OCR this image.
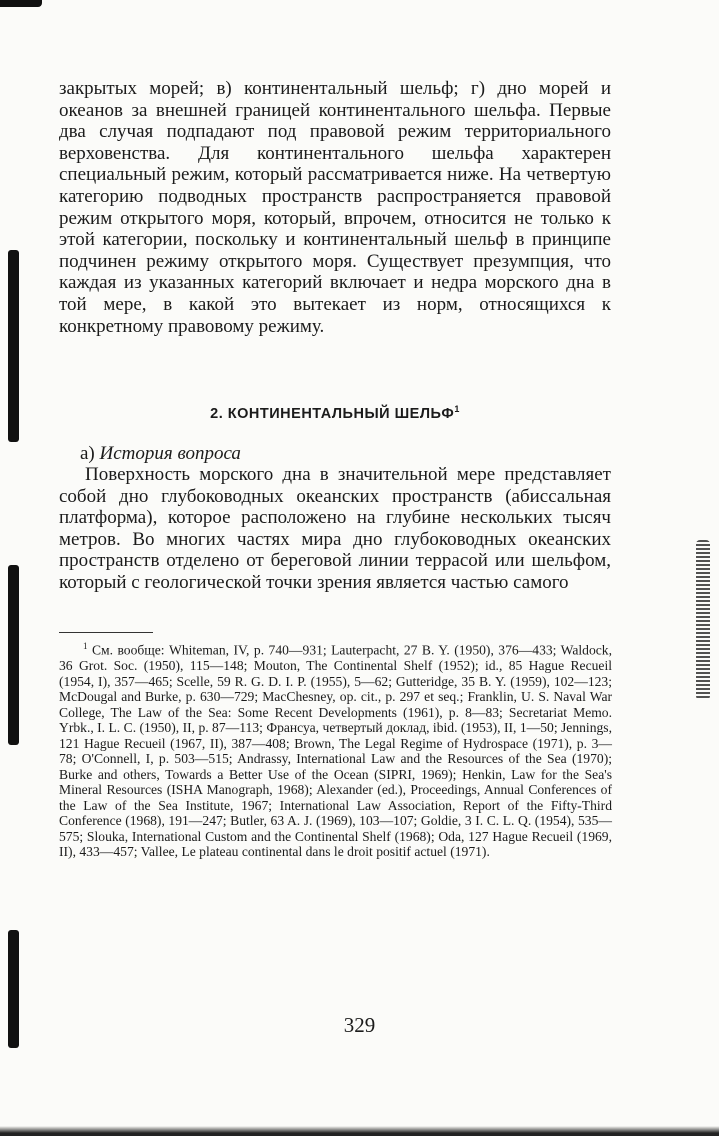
закрытых морей; в) континентальный шельф; г) дно морей и океанов за внешней границей континентального шельфа. Первые два случая подпадают под правовой режим территориального верховенства. Для континентального шельфа характерен специальный режим, который рассматривается ниже. На четвертую категорию подводных пространств распространяется правовой режим открытого моря, который, впрочем, относится не только к этой категории, поскольку и континентальный шельф в принципе подчинен режиму открытого моря. Существует презумпция, что каждая из указанных категорий включает и недра морского дна в той мере, в какой это вытекает из норм, относящихся к конкретному правовому режиму.

2. КОНТИНЕНТАЛЬНЫЙ ШЕЛЬФ$^1$
а) История вопроса

Поверхность морского дна в значительной мере представляет собой дно глубоководных океанских пространств (абиссальная платформа), которое расположено на глубине нескольких тысяч метров. Во многих частях мира дно глубоководных океанских пространств отделено от береговой линии террасой или шельфом, который с геологической точки зрения является частью самого

$^1$ См. вообще: Whiteman, IV, p. 740—931; Lauterpacht, 27 B. Y. (1950), 376—433; Waldock, 36 Grot. Soc. (1950), 115—148; Mouton, The Continental Shelf (1952); id., 85 Hague Recueil (1954, I), 357—465; Scelle, 59 R. G. D. I. P. (1955), 5—62; Gutteridge, 35 B. Y. (1959), 102—123; McDougal and Burke, p. 630—729; MacChesney, op. cit., p. 297 et seq.; Franklin, U. S. Naval War College, The Law of the Sea: Some Recent Developments (1961), p. 8—83; Secretariat Memo. Yrbk., I. L. C. (1950), II, p. 87—113; Франсуа, четвертый доклад, ibid. (1953), II, 1—50; Jennings, 121 Hague Recueil (1967, II), 387—408; Brown, The Legal Regime of Hydrospace (1971), p. 3—78; O'Connell, I, p. 503—515; Andrassy, International Law and the Resources of the Sea (1970); Burke and others, Towards a Better Use of the Ocean (SIPRI, 1969); Henkin, Law for the Sea's Mineral Resources (ISHA Manograph, 1968); Alexander (ed.), Proceedings, Annual Conferences of the Law of the Sea Institute, 1967; International Law Association, Report of the Fifty-Third Conference (1968), 191—247; Butler, 63 A. J. (1969), 103—107; Goldie, 3 I. C. L. Q. (1954), 535—575; Slouka, International Custom and the Continental Shelf (1968); Oda, 127 Hague Recueil (1969, II), 433—457; Vallee, Le plateau continental dans le droit positif actuel (1971).

329
